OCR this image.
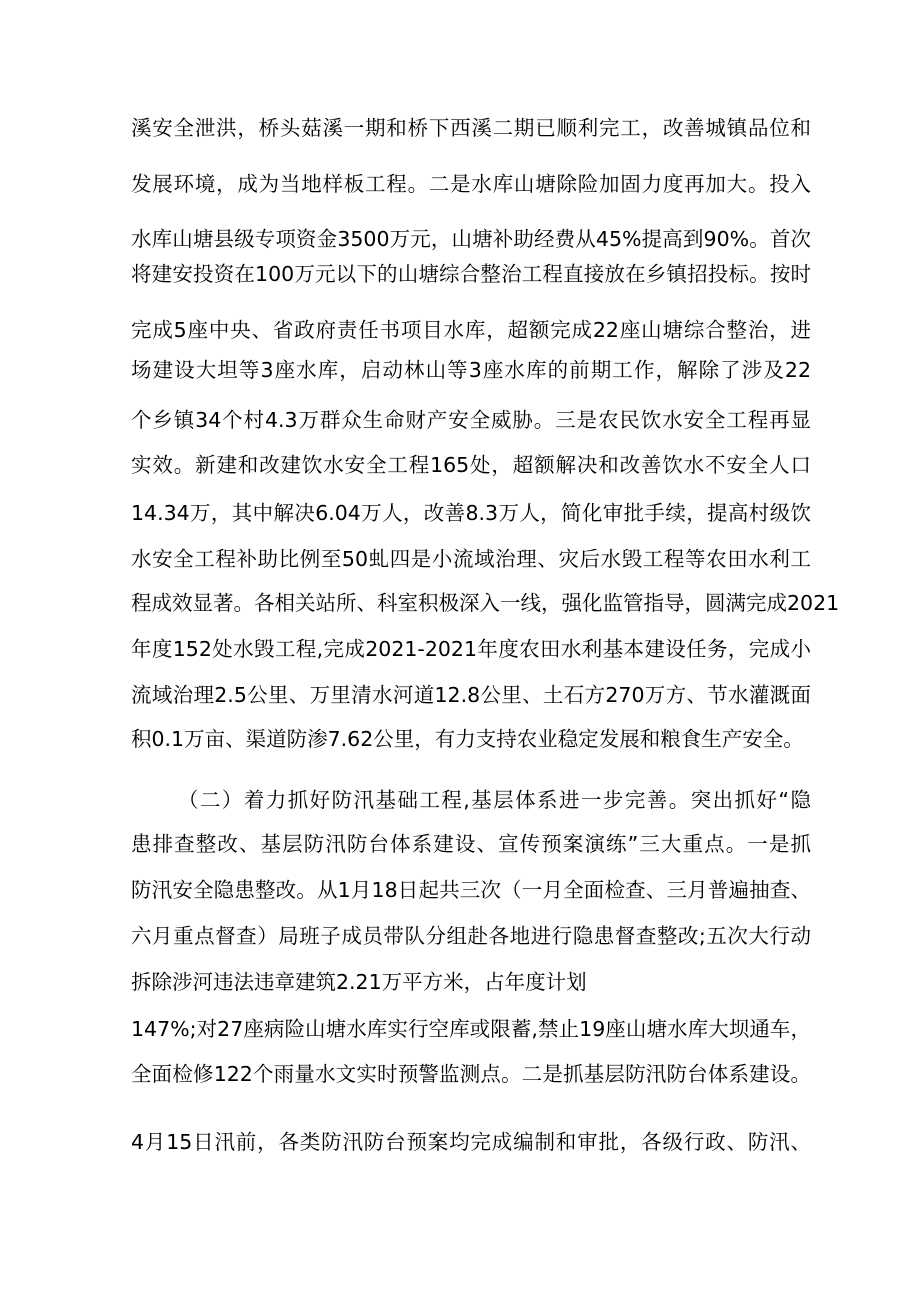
溪安全泄洪，桥头菇溪一期和桥下西溪二期已顺利完工，改善城镇品位和
发展环境，成为当地样板工程。二是水库山塘除险加固力度再加大。投入
水库山塘县级专项资金3500万元，山塘补助经费从45%提高到90%。首次
将建安投资在100万元以下的山塘综合整治工程直接放在乡镇招投标。按时
完成5座中央、省政府责任书项目水库，超额完成22座山塘综合整治，进
场建设大坦等3座水库，启动林山等3座水库的前期工作，解除了涉及22
个乡镇34个村4.3万群众生命财产安全威胁。三是农民饮水安全工程再显
实效。新建和改建饮水安全工程165处，超额解决和改善饮水不安全人口
14.34万，其中解决6.04万人，改善8.3万人，简化审批手续，提高村级饮
水安全工程补助比例至50虬四是小流域治理、灾后水毁工程等农田水利工
程成效显著。各相关站所、科室积极深入一线，强化监管指导，圆满完成2021
年度152处水毁工程,完成2021-2021年度农田水利基本建设任务，完成小
流域治理2.5公里、万里清水河道12.8公里、土石方270万方、节水灌溉面
积0.1万亩、渠道防渗7.62公里，有力支持农业稳定发展和粮食生产安全。
（二）着力抓好防汛基础工程,基层体系进一步完善。突出抓好“隐
患排查整改、基层防汛防台体系建设、宣传预案演练”三大重点。一是抓
防汛安全隐患整改。从1月18日起共三次（一月全面检查、三月普遍抽查、
六月重点督查）局班子成员带队分组赴各地进行隐患督查整改;五次大行动
拆除涉河违法违章建筑2.21万平方米，占年度计划
147%;对27座病险山塘水库实行空库或限蓄,禁止19座山塘水库大坝通车，
全面检修122个雨量水文实时预警监测点。二是抓基层防汛防台体系建设。
4月15日汛前，各类防汛防台预案均完成编制和审批，各级行政、防汛、
